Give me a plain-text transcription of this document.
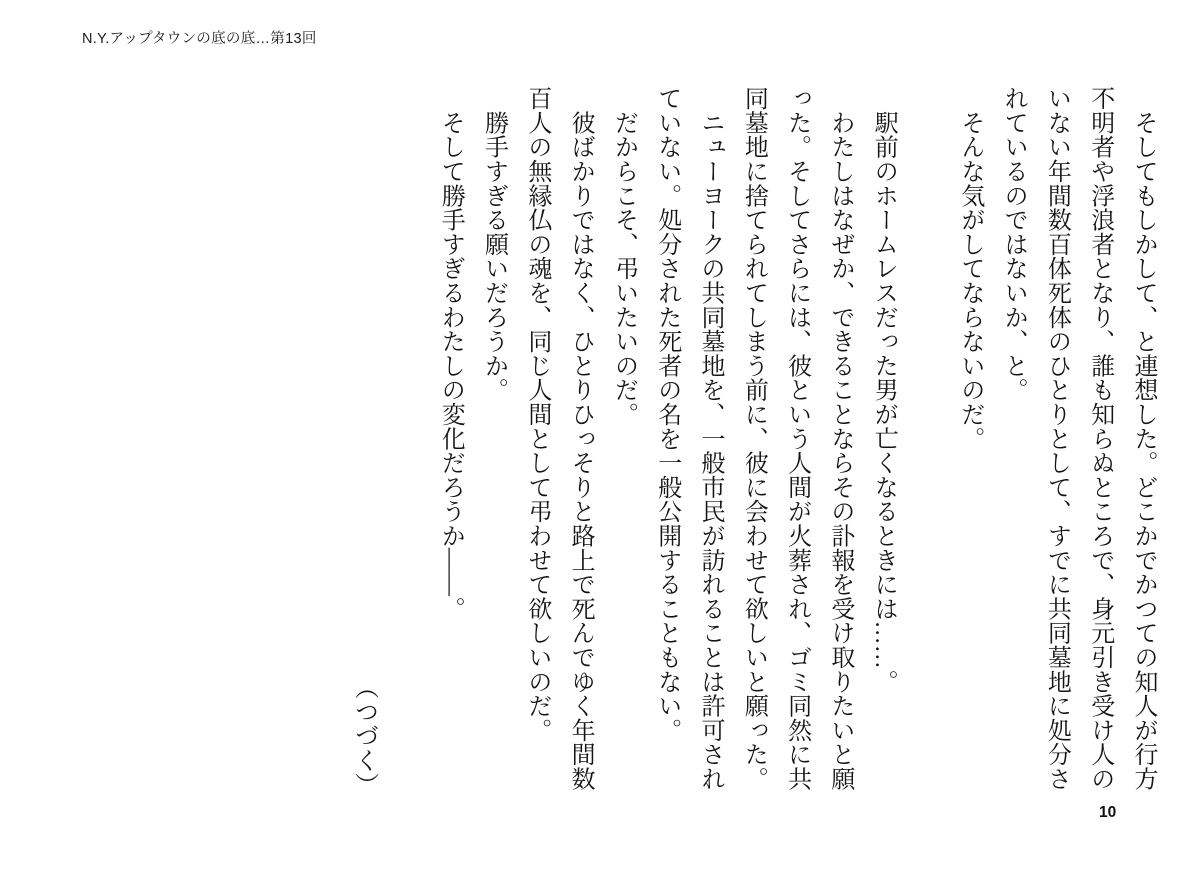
N.Y.アップタウンの底の底…第13回

　そしてもしかして、と連想した。どこかでかつての知人が行方

不明者や浮浪者となり、誰も知らぬところで、身元引き受け人の

いない年間数百体死体のひとりとして、すでに共同墓地に処分さ

れているのではないか、と。

　そんな気がしてならないのだ。

　駅前のホームレスだった男が亡くなるときには……。

　わたしはなぜか、できることならその訃報を受け取りたいと願

った。そしてさらには、彼という人間が火葬され、ゴミ同然に共

同墓地に捨てられてしまう前に、彼に会わせて欲しいと願った。

　ニューヨークの共同墓地を、一般市民が訪れることは許可され

ていない。処分された死者の名を一般公開することもない。

　だからこそ、弔いたいのだ。

　彼ばかりではなく、ひとりひっそりと路上で死んでゆく年間数

百人の無縁仏の魂を、同じ人間として弔わせて欲しいのだ。

　勝手すぎる願いだろうか。

　そして勝手すぎるわたしの変化だろうか――。

（つづく）

10
